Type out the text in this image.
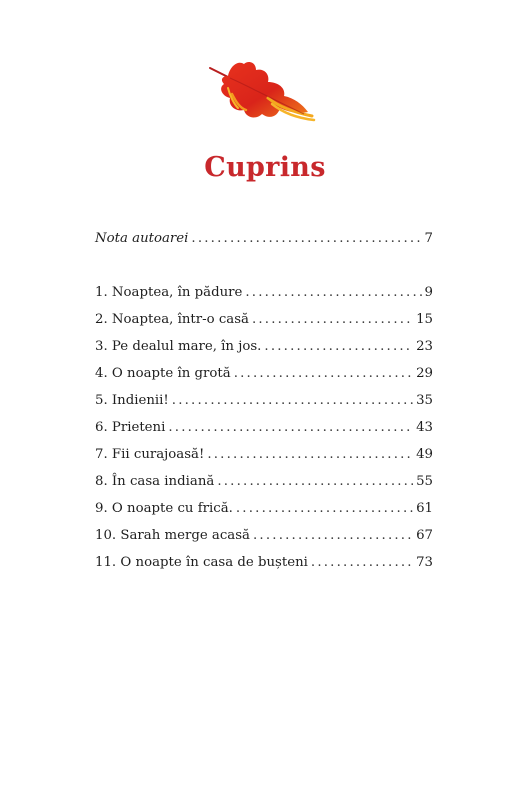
Cuprins
Nota autoarei .....	7
1. Noaptea, în pădure .....	9
2. Noaptea, într-o casă .....	15
3. Pe dealul mare, în jos. .....	23
4. O noapte în grotă .....	29
5. Indienii! .....	35
6. Prieteni .....	43
7. Fii curajoasă! .....	49
8. În casa indiană .....	55
9. O noapte cu frică. .....	61
10. Sarah merge acasă .....	67
11. O noapte în casa de bușteni .....	73
